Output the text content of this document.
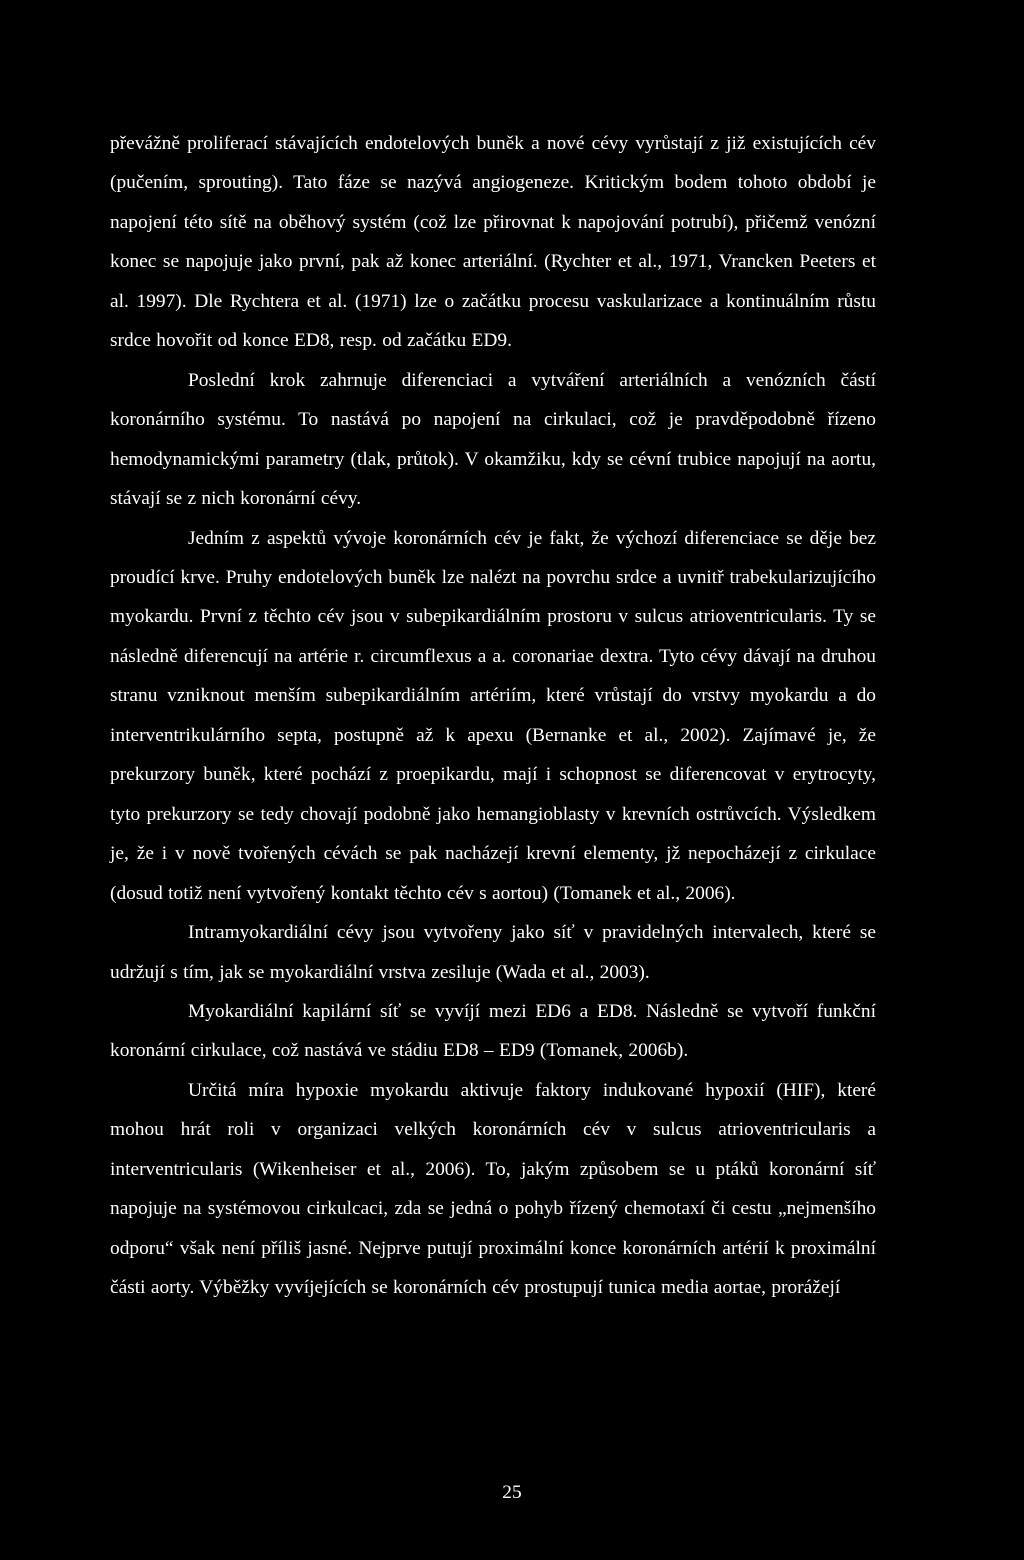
převážně proliferací stávajících endotelových buněk a nové cévy vyrůstají z již existujících cév (pučením, sprouting). Tato fáze se nazývá angiogeneze. Kritickým bodem tohoto období je napojení této sítě na oběhový systém (což lze přirovnat k napojování potrubí), přičemž venózní konec se napojuje jako první, pak až konec arteriální. (Rychter et al., 1971, Vrancken Peeters et al. 1997). Dle Rychtera et al. (1971) lze o začátku procesu vaskularizace a kontinuálním růstu srdce hovořit od konce ED8, resp. od začátku ED9.

Poslední krok zahrnuje diferenciaci a vytváření arteriálních a venózních částí koronárního systému. To nastává po napojení na cirkulaci, což je pravděpodobně řízeno hemodynamickými parametry (tlak, průtok). V okamžiku, kdy se cévní trubice napojují na aortu, stávají se z nich koronární cévy.

Jedním z aspektů vývoje koronárních cév je fakt, že výchozí diferenciace se děje bez proudící krve. Pruhy endotelových buněk lze nalézt na povrchu srdce a uvnitř trabekularizujícího myokardu. První z těchto cév jsou v subepikardiálním prostoru v sulcus atrioventricularis. Ty se následně diferencují na artérie r. circumflexus a a. coronariae dextra. Tyto cévy dávají na druhou stranu vzniknout menším subepikardiálním artériím, které vrůstají do vrstvy myokardu a do interventrikulárního septa, postupně až k apexu (Bernanke et al., 2002). Zajímavé je, že prekurzory buněk, které pochází z proepikardu, mají i schopnost se diferencovat v erytrocyty, tyto prekurzory se tedy chovají podobně jako hemangioblasty v krevních ostrůvcích. Výsledkem je, že i v nově tvořených cévách se pak nacházejí krevní elementy, jž nepocházejí z cirkulace (dosud totiž není vytvořený kontakt těchto cév s aortou) (Tomanek et al., 2006).

Intramyokardiální cévy jsou vytvořeny jako síť v pravidelných intervalech, které se udržují s tím, jak se myokardiální vrstva zesiluje (Wada et al., 2003).

Myokardiální kapilární síť se vyvíjí mezi ED6 a ED8. Následně se vytvoří funkční koronární cirkulace, což nastává ve stádiu ED8 – ED9 (Tomanek, 2006b).

Určitá míra hypoxie myokardu aktivuje faktory indukované hypoxií (HIF), které mohou hrát roli v organizaci velkých koronárních cév v sulcus atrioventricularis a interventricularis (Wikenheiser et al., 2006). To, jakým způsobem se u ptáků koronární síť napojuje na systémovou cirkulcaci, zda se jedná o pohyb řízený chemotaxí či cestu „nejmenšího odporu“ však není příliš jasné. Nejprve putují proximální konce koronárních artérií k proximální části aorty. Výběžky vyvíjejících se koronárních cév prostupují tunica media aortae, prorážejí

25
